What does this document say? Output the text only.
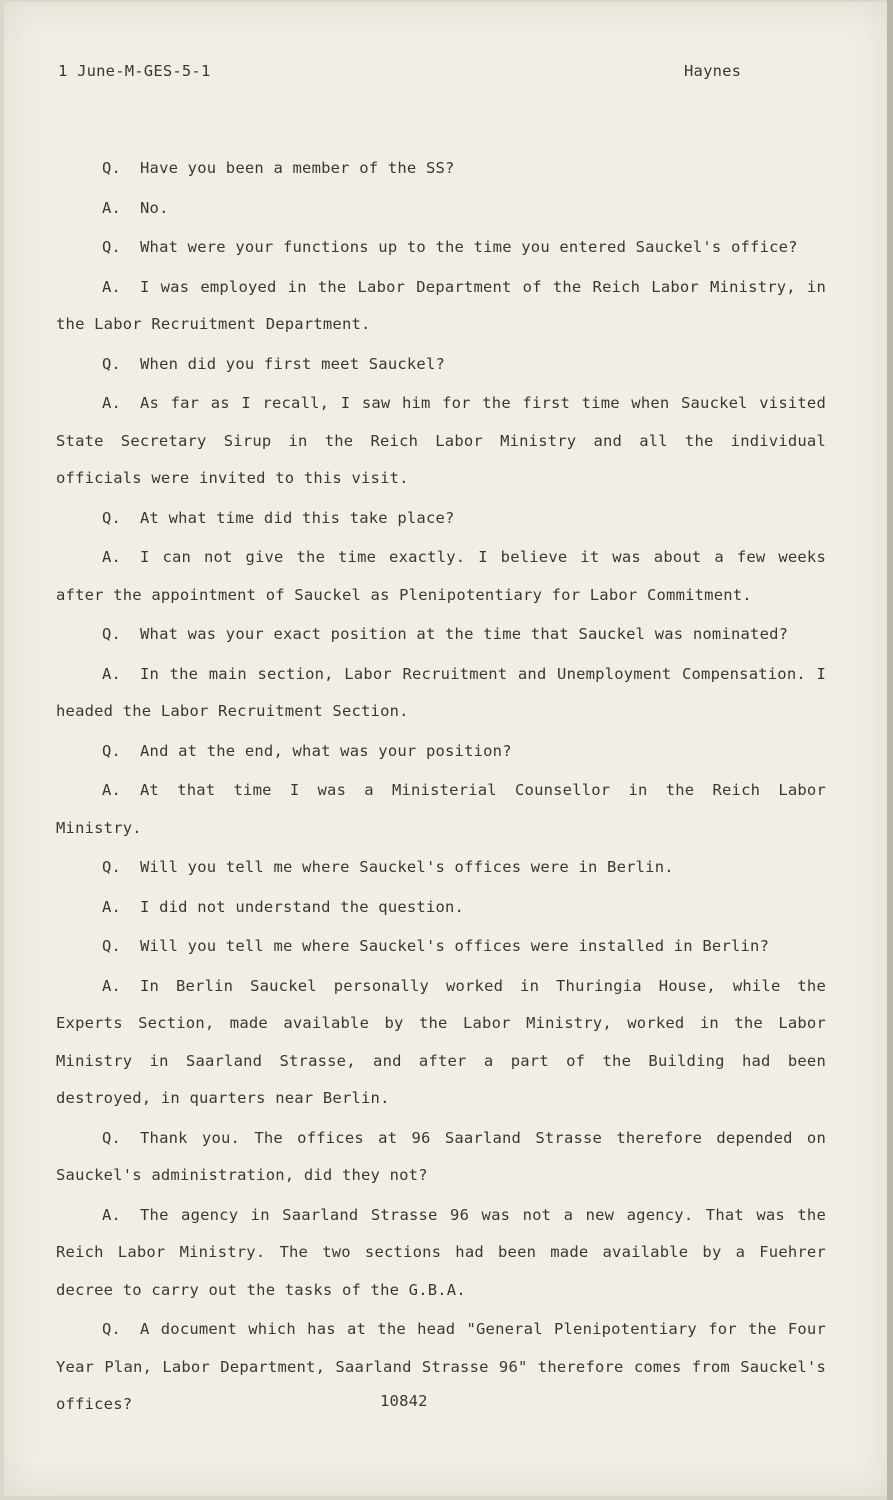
1 June-M-GES-5-1	Haynes

Q. Have you been a member of the SS?

A. No.

Q. What were your functions up to the time you entered Sauckel's office?

A. I was employed in the Labor Department of the Reich Labor Ministry, in the Labor Recruitment Department.

Q. When did you first meet Sauckel?

A. As far as I recall, I saw him for the first time when Sauckel visited State Secretary Sirup in the Reich Labor Ministry and all the individual officials were invited to this visit.

Q. At what time did this take place?

A. I can not give the time exactly. I believe it was about a few weeks after the appointment of Sauckel as Plenipotentiary for Labor Commitment.

Q. What was your exact position at the time that Sauckel was nominated?

A. In the main section, Labor Recruitment and Unemployment Compensation. I headed the Labor Recruitment Section.

Q. And at the end, what was your position?

A. At that time I was a Ministerial Counsellor in the Reich Labor Ministry.

Q. Will you tell me where Sauckel's offices were in Berlin.

A. I did not understand the question.

Q. Will you tell me where Sauckel's offices were installed in Berlin?

A. In Berlin Sauckel personally worked in Thuringia House, while the Experts Section, made available by the Labor Ministry, worked in the Labor Ministry in Saarland Strasse, and after a part of the Building had been destroyed, in quarters near Berlin.

Q. Thank you. The offices at 96 Saarland Strasse therefore depended on Sauckel's administration, did they not?

A. The agency in Saarland Strasse 96 was not a new agency. That was the Reich Labor Ministry. The two sections had been made available by a Fuehrer decree to carry out the tasks of the G.B.A.

Q. A document which has at the head "General Plenipotentiary for the Four Year Plan, Labor Department, Saarland Strasse 96" therefore comes from Sauckel's offices?	10842
